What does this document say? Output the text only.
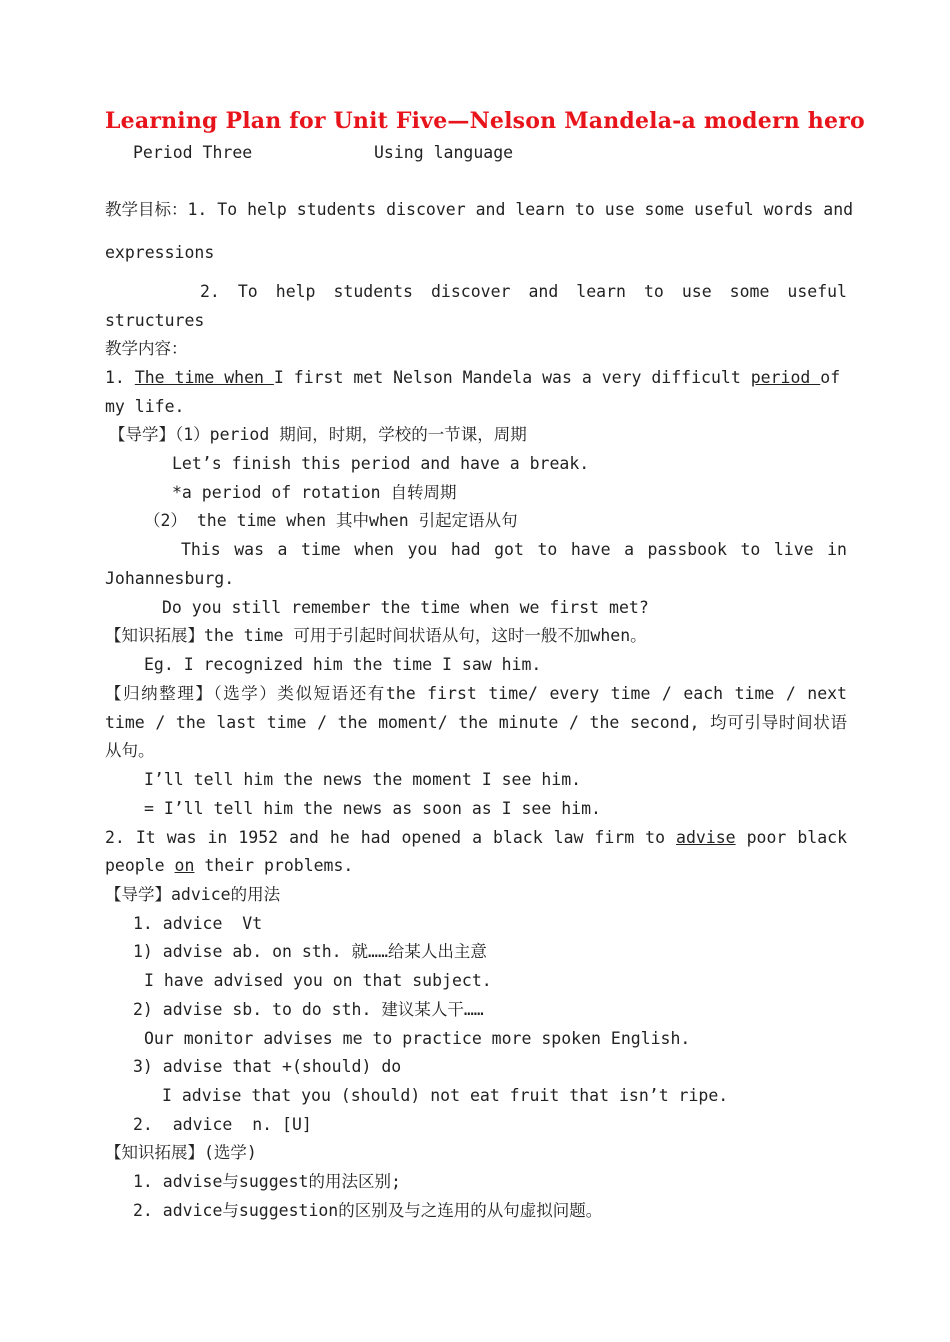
Learning Plan for Unit Five—Nelson Mandela-a modern hero
Period Three	Using language
教学目标：1. To help students discover and learn to use some useful words and
expressions
2. To help students discover and learn to use some useful
structures
教学内容：
1. The time when I first met Nelson Mandela was a very difficult period of
my life.
【导学】（1）period 期间，时期，学校的一节课，周期
Let’s finish this period and have a break.
*a period of rotation 自转周期
（2） the time when 其中when 引起定语从句
This was a time when you had got to have a passbook to live in
Johannesburg.
Do you still remember the time when we first met?
【知识拓展】the time 可用于引起时间状语从句，这时一般不加when。
Eg. I recognized him the time I saw him.
【归纳整理】（选学）类似短语还有the first time/ every time / each time / next
time / the last time / the moment/ the minute / the second, 均可引导时间状语
从句。
I’ll tell him the news the moment I see him.
= I’ll tell him the news as soon as I see him.
2. It was in 1952 and he had opened a black law firm to advise poor black
people on their problems.
【导学】advice的用法
1. advice  Vt
1) advise ab. on sth. 就……给某人出主意
I have advised you on that subject.
2) advise sb. to do sth. 建议某人干……
Our monitor advises me to practice more spoken English.
3) advise that +(should) do
I advise that you (should) not eat fruit that isn’t ripe.
2.  advice  n. [U]
【知识拓展】(选学)
1. advise与suggest的用法区别;
2. advice与suggestion的区别及与之连用的从句虚拟问题。
